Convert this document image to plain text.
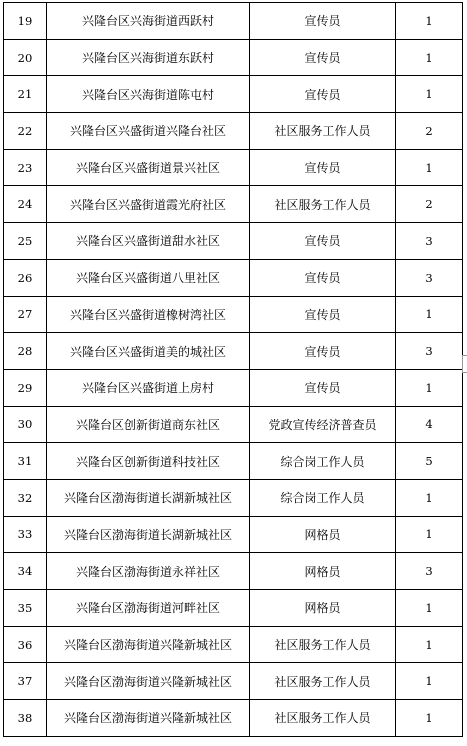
19	兴隆台区兴海街道西跃村	宣传员	1
20	兴隆台区兴海街道东跃村	宣传员	1
21	兴隆台区兴海街道陈屯村	宣传员	1
22	兴隆台区兴盛街道兴隆台社区	社区服务工作人员	2
23	兴隆台区兴盛街道景兴社区	宣传员	1
24	兴隆台区兴盛街道霞光府社区	社区服务工作人员	2
25	兴隆台区兴盛街道甜水社区	宣传员	3
26	兴隆台区兴盛街道八里社区	宣传员	3
27	兴隆台区兴盛街道橡树湾社区	宣传员	1
28	兴隆台区兴盛街道美的城社区	宣传员	3
29	兴隆台区兴盛街道上房村	宣传员	1
30	兴隆台区创新街道商东社区	党政宣传经济普查员	4
31	兴隆台区创新街道科技社区	综合岗工作人员	5
32	兴隆台区渤海街道长湖新城社区	综合岗工作人员	1
33	兴隆台区渤海街道长湖新城社区	网格员	1
34	兴隆台区渤海街道永祥社区	网格员	3
35	兴隆台区渤海街道河畔社区	网格员	1
36	兴隆台区渤海街道兴隆新城社区	社区服务工作人员	1
37	兴隆台区渤海街道兴隆新城社区	社区服务工作人员	1
38	兴隆台区渤海街道兴隆新城社区	社区服务工作人员	1
